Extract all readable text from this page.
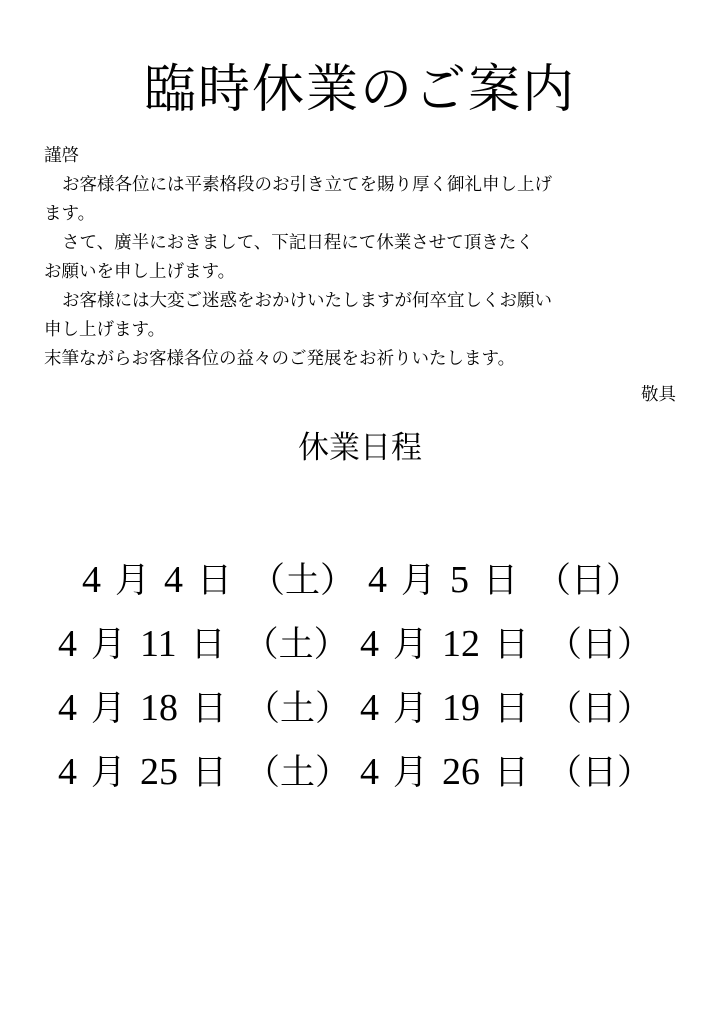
臨時休業のご案内
謹啓
お客様各位には平素格段のお引き立てを賜り厚く御礼申し上げ
ます。
さて、廣半におきまして、下記日程にて休業させて頂きたく
お願いを申し上げます。
お客様には大変ご迷惑をおかけいたしますが何卒宜しくお願い
申し上げます。
末筆ながらお客様各位の益々のご発展をお祈りいたします。
敬具
休業日程
4 月 4 日 （土） 4 月 5 日 （日）
4 月 11 日 （土） 4 月 12 日 （日）
4 月 18 日 （土） 4 月 19 日 （日）
4 月 25 日 （土） 4 月 26 日 （日）
